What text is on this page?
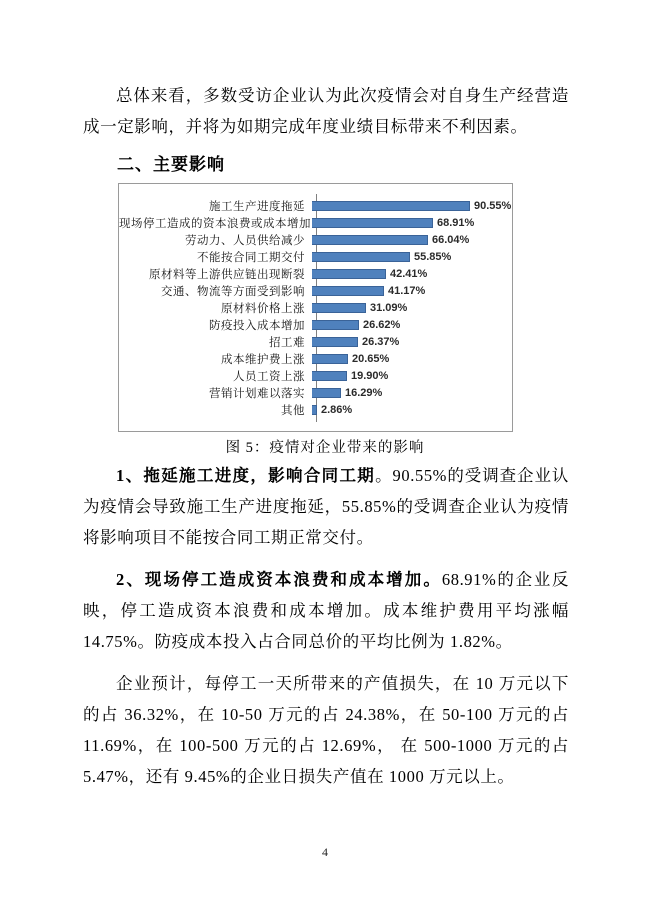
总体来看，多数受访企业认为此次疫情会对自身生产经营造成一定影响，并将为如期完成年度业绩目标带来不利因素。

二、主要影响
施工生产进度拖延	90.55%
现场停工造成的资本浪费或成本增加	68.91%
劳动力、人员供给减少	66.04%
不能按合同工期交付	55.85%
原材料等上游供应链出现断裂	42.41%
交通、物流等方面受到影响	41.17%
原材料价格上涨	31.09%
防疫投入成本增加	26.62%
招工难	26.37%
成本维护费上涨	20.65%
人员工资上涨	19.90%
营销计划难以落实	16.29%
其他	2.86%
图 5：疫情对企业带来的影响

1、拖延施工进度，影响合同工期。90.55%的受调查企业认为疫情会导致施工生产进度拖延，55.85%的受调查企业认为疫情将影响项目不能按合同工期正常交付。

2、现场停工造成资本浪费和成本增加。68.91%的企业反映，停工造成资本浪费和成本增加。成本维护费用平均涨幅 14.75%。防疫成本投入占合同总价的平均比例为 1.82%。

企业预计，每停工一天所带来的产值损失，在 10 万元以下的占 36.32%，在 10-50 万元的占 24.38%，在 50-100 万元的占 11.69%，在 100-500 万元的占 12.69%， 在 500-1000 万元的占 5.47%，还有 9.45%的企业日损失产值在 1000 万元以上。

4
